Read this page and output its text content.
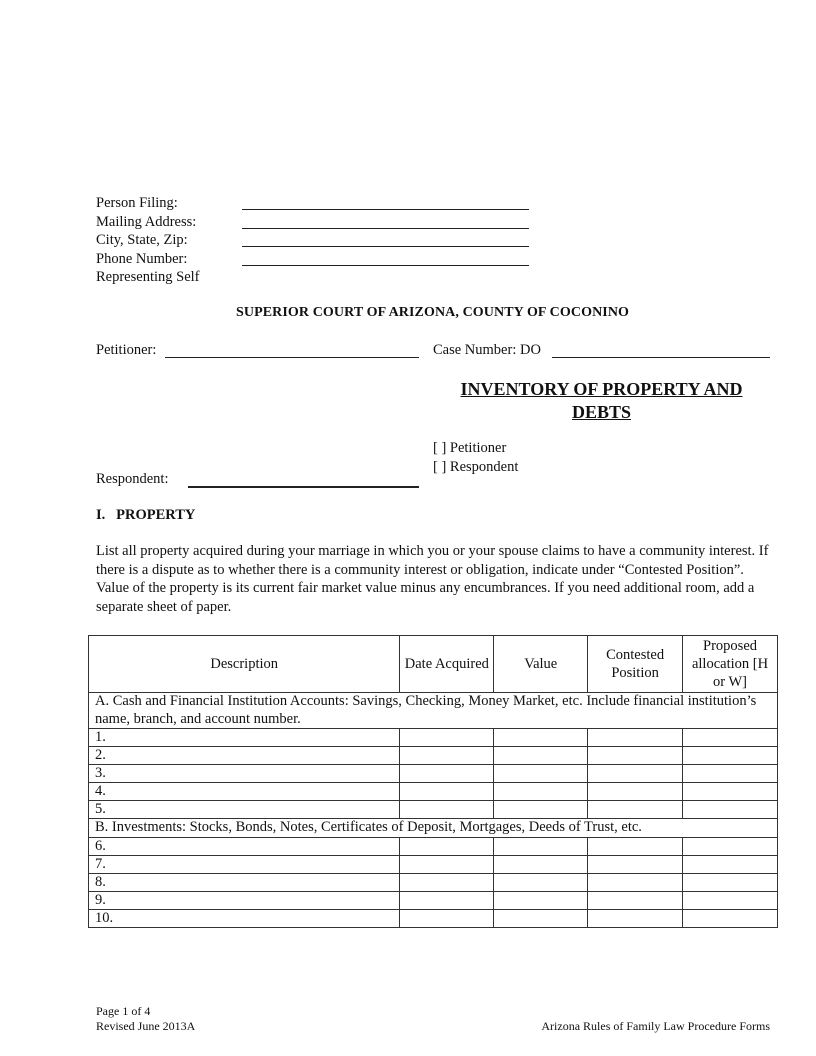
Person Filing:
Mailing Address:
City, State, Zip:
Phone Number:
Representing Self
SUPERIOR COURT OF ARIZONA, COUNTY OF COCONINO
Petitioner:	Case Number: DO
INVENTORY OF PROPERTY AND DEBTS
[ ] Petitioner
[ ] Respondent
Respondent:
I.   PROPERTY
List all property acquired during your marriage in which you or your spouse claims to have a community interest. If there is a dispute as to whether there is a community interest or obligation, indicate under “Contested Position”. Value of the property is its current fair market value minus any encumbrances. If you need additional room, add a separate sheet of paper.
Description	Date Acquired	Value	Contested Position	Proposed allocation [H or W]
A. Cash and Financial Institution Accounts: Savings, Checking, Money Market, etc. Include financial institution’s name, branch, and account number.				
1.				
2.				
3.				
4.				
5.				
B. Investments: Stocks, Bonds, Notes, Certificates of Deposit, Mortgages, Deeds of Trust, etc.				
6.				
7.				
8.				
9.				
10.				
Page 1 of 4
Revised June 2013A	Arizona Rules of Family Law Procedure Forms
